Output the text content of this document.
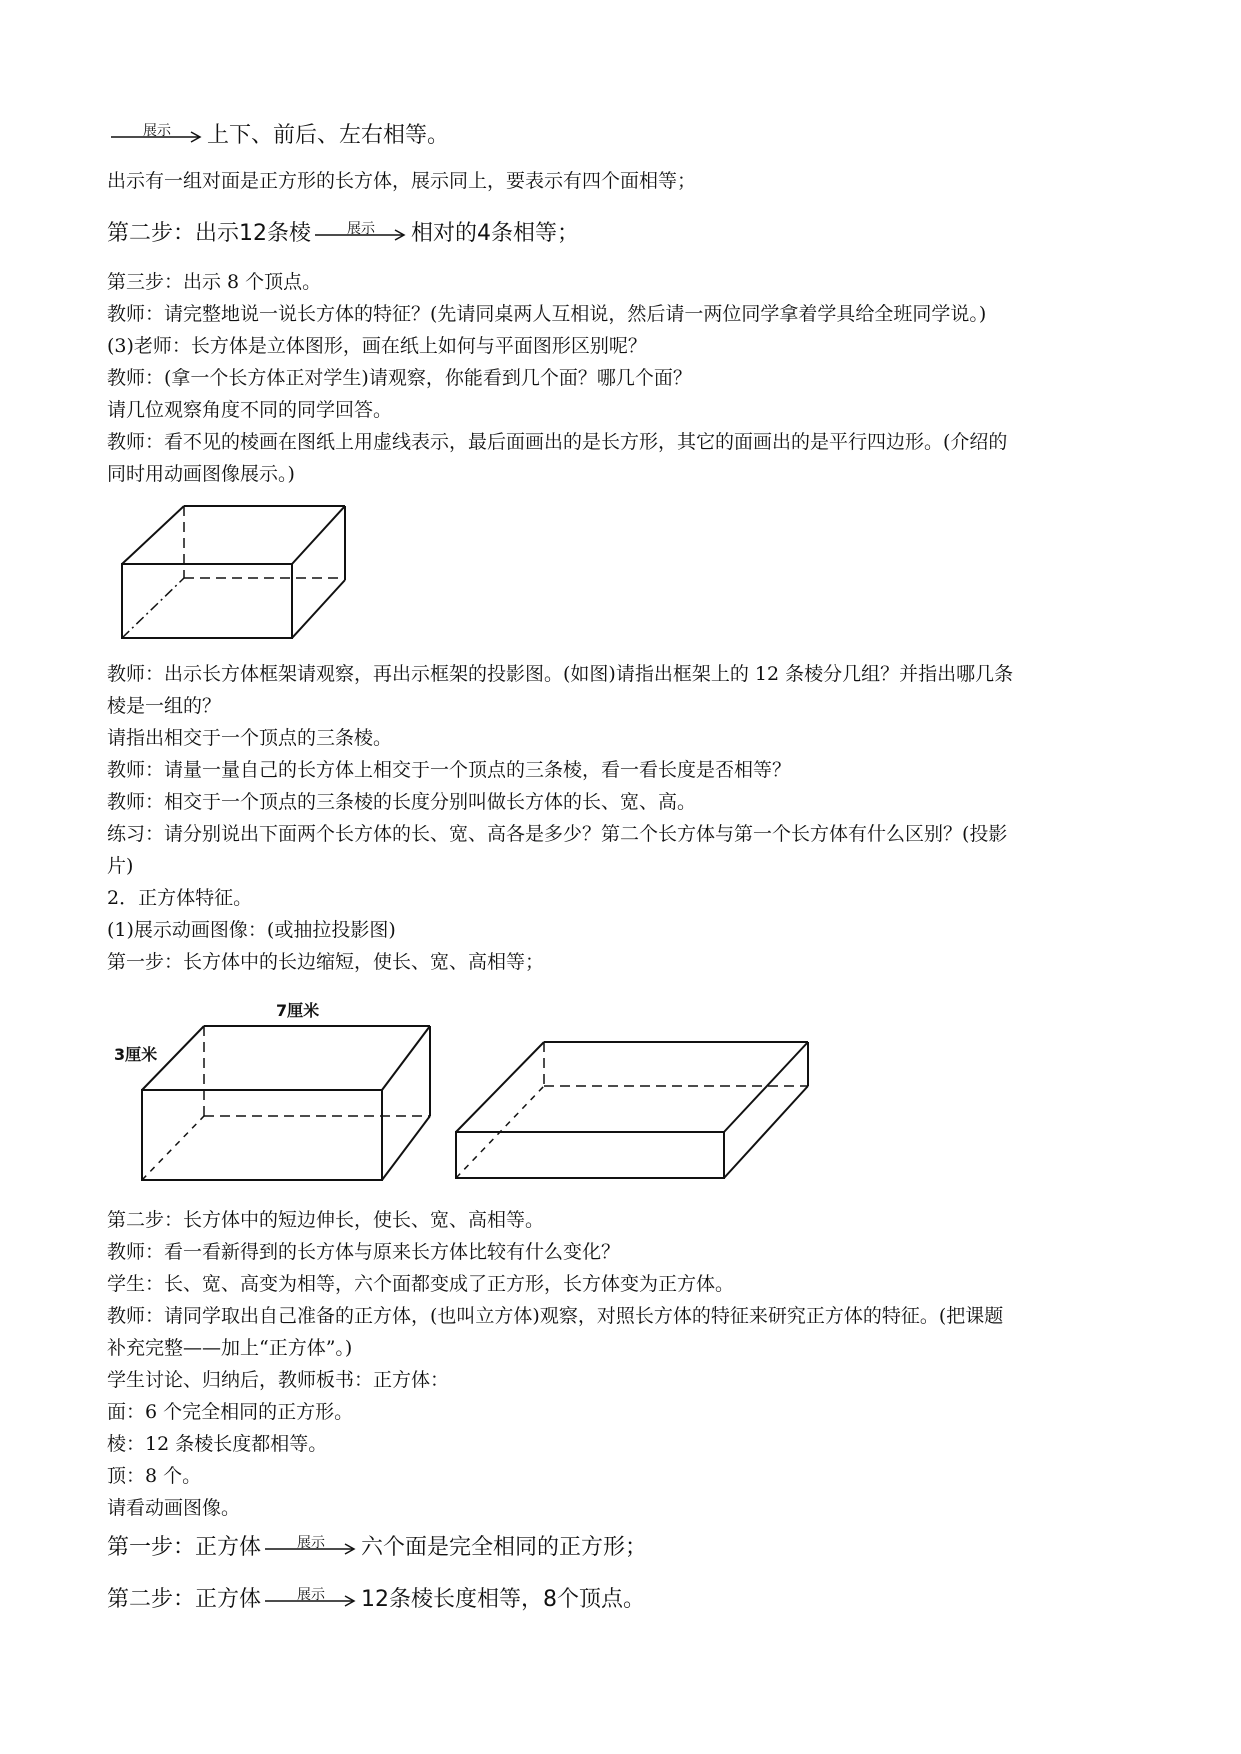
展示	上下、前后、左右相等。
出示有一组对面是正方形的长方体，展示同上，要表示有四个面相等；
第二步：出示12条棱	展示	相对的4条相等；
第三步：出示 8 个顶点。
教师：请完整地说一说长方体的特征？(先请同桌两人互相说，然后请一两位同学拿着学具给全班同学说。)
(3)老师：长方体是立体图形，画在纸上如何与平面图形区别呢？
教师：(拿一个长方体正对学生)请观察，你能看到几个面？哪几个面？
请几位观察角度不同的同学回答。
教师：看不见的棱画在图纸上用虚线表示，最后面画出的是长方形，其它的面画出的是平行四边形。(介绍的
同时用动画图像展示。)
教师：出示长方体框架请观察，再出示框架的投影图。(如图)请指出框架上的 12 条棱分几组？并指出哪几条
棱是一组的？
请指出相交于一个顶点的三条棱。
教师：请量一量自己的长方体上相交于一个顶点的三条棱，看一看长度是否相等？
教师：相交于一个顶点的三条棱的长度分别叫做长方体的长、宽、高。
练习：请分别说出下面两个长方体的长、宽、高各是多少？第二个长方体与第一个长方体有什么区别？(投影
片)
2．正方体特征。
(1)展示动画图像：(或抽拉投影图)
第一步：长方体中的长边缩短，使长、宽、高相等；
7厘米
3厘米
第二步：长方体中的短边伸长，使长、宽、高相等。
教师：看一看新得到的长方体与原来长方体比较有什么变化？
学生：长、宽、高变为相等，六个面都变成了正方形，长方体变为正方体。
教师：请同学取出自己准备的正方体，(也叫立方体)观察，对照长方体的特征来研究正方体的特征。(把课题
补充完整——加上“正方体”。)
学生讨论、归纳后，教师板书：正方体：
面：6 个完全相同的正方形。
棱：12 条棱长度都相等。
顶：8 个。
请看动画图像。
第一步：正方体	展示	六个面是完全相同的正方形；
第二步：正方体	展示	12条棱长度相等，8个顶点。
